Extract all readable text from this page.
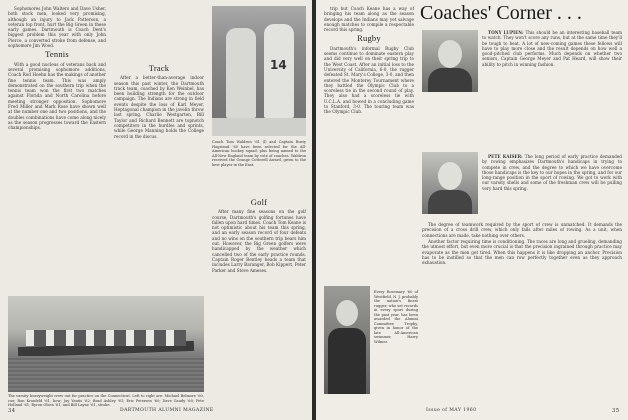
Sophomores John Walters and Dave Usher, both stock men, looked very promising, although an injury to Jack Patterson, a veteran top front, hurt the Big Green in these early games. Dartmouth is Coach Dent's biggest problem this year with only John Pierce, a converted stroke from defense, and sophomore Jim Wood.

Tennis

With a good nucleus of veterans back and several promising sophomore additions, Coach Rod Hoehn has the makings of another fine tennis team. This was amply demonstrated on the southern trip when the tennis team won the first two matches against Florida and North Carolina before meeting stronger opposition. Sophomore Fred Miller and Mark Rose have shown well at the number one and two positions, and the doubles combinations have come along nicely as the season progresses toward the Eastern championships.

Track

After a better-than-average indoor season this past winter, the Dartmouth track team, coached by Ken Weinbel, has been building strength for the outdoor campaign. The Indians are strong in field events despite the loss of Karl Meyer, Heptagonal champion in the javelin throw last spring. Charlie Westgarten, Bill Taylor and Richard Bennett are topnotch competitors in the hurdles and sprints, while George Manning holds the College record in the discus.

14
Coach Tom Waldron '61 (l) and Captain Rusty Hagstead '60 have been selected for the All-American hockey squad, plus being named to the All-New England team by vote of coaches. Waldron received the Grange Cotterell Award, given to the best player in the East.
Golf

After many fine seasons on the golf course, Dartmouth's golfing fortunes have fallen upon hard times. Coach Tom Keane is not optimistic about his team this spring, and an early season record of four defeats and no wins on the southern trip bears him out. However, the Big Green golfers were handicapped by the weather which cancelled two of the early practice rounds. Captain Roger Bentley heads a team that includes Larry Baranger, Bob Kippert, Peter Parker and Steve Ameses.

The varsity heavyweight crew out for practice on the Connecticut. Left to right are: Michael Belmore '60, cox; Ron Kronfeld '61, bow; Jay Yantis '62; Brad Ashley '61; Eric Petersen '60; Dave Gaudy '60; Pete Holland '61; Byron Olsen '61; and Bill Layne '61, stroke.
34	DARTMOUTH ALUMNI MAGAZINE

trip but Coach Keane has a way of bringing his team along as the season develops and the Indians may yet salvage enough matches to compile a respectable record this spring.

Rugby

Dartmouth's informal Rugby Club seems continue to dominate eastern play and did very well on their spring trip to the West Coast. After an initial loss to the University of California, 6-0, the rugger defeated St. Mary's College, 3-0, and then entered the Monterey Tournament where they battled the Olympic Club to a scoreless tie in the second round of play. They also had a scoreless tie with U.C.L.A. and bowed in a concluding game to Stanford, 3-0. The touring team was the Olympic Club.

Every Rosemary '60 of Westfield, N. J. probably the nation's finest rugger, who set records in every sport during the past year, has been awarded the Alumni Committee Trophy, given in honor of the late All-American swimmer, Harry Wilmer.
Coaches' Corner . . .

TONY LUPIEN: This should be an interesting baseball team to watch. They won't score any runs, but at the same time they'll be tough to beat. A lot of new-coming games these fellows will have to play more close and the result depends on how well a good-pitched club performs. Much depends on whether two seniors, Captain George Meyer and Pat Heard, will show their ability to pitch in winning fashion.

PETE KAISER: The long period of early practice demanded by rowing emphasizes Dartmouth's handicaps in trying to compete in crew, and the degree to which we have overcome those handicaps is the key to our hopes in the spring, and for our long-range position in the sport of rowing. We got to work with our varsity shells and some of the freshman crew will be pulling very hard this spring.

The degree of teamwork required by the sport of crew is unmatched. It demands the precision of a cross drill crew, which only falls after miles of rowing. As a unit, when connections are made, take nothing over others.

Another factor requiring time is conditioning. The races are long and grueling, demanding the utmost effort, but even more crucial is that the precision ingrained through practice may evaporate as the men get tired. When this happens it is like dropping an anchor. Precision has to be instilled so that the men can row perfectly together even as they approach exhaustion.

Issue of MAY 1960	35
